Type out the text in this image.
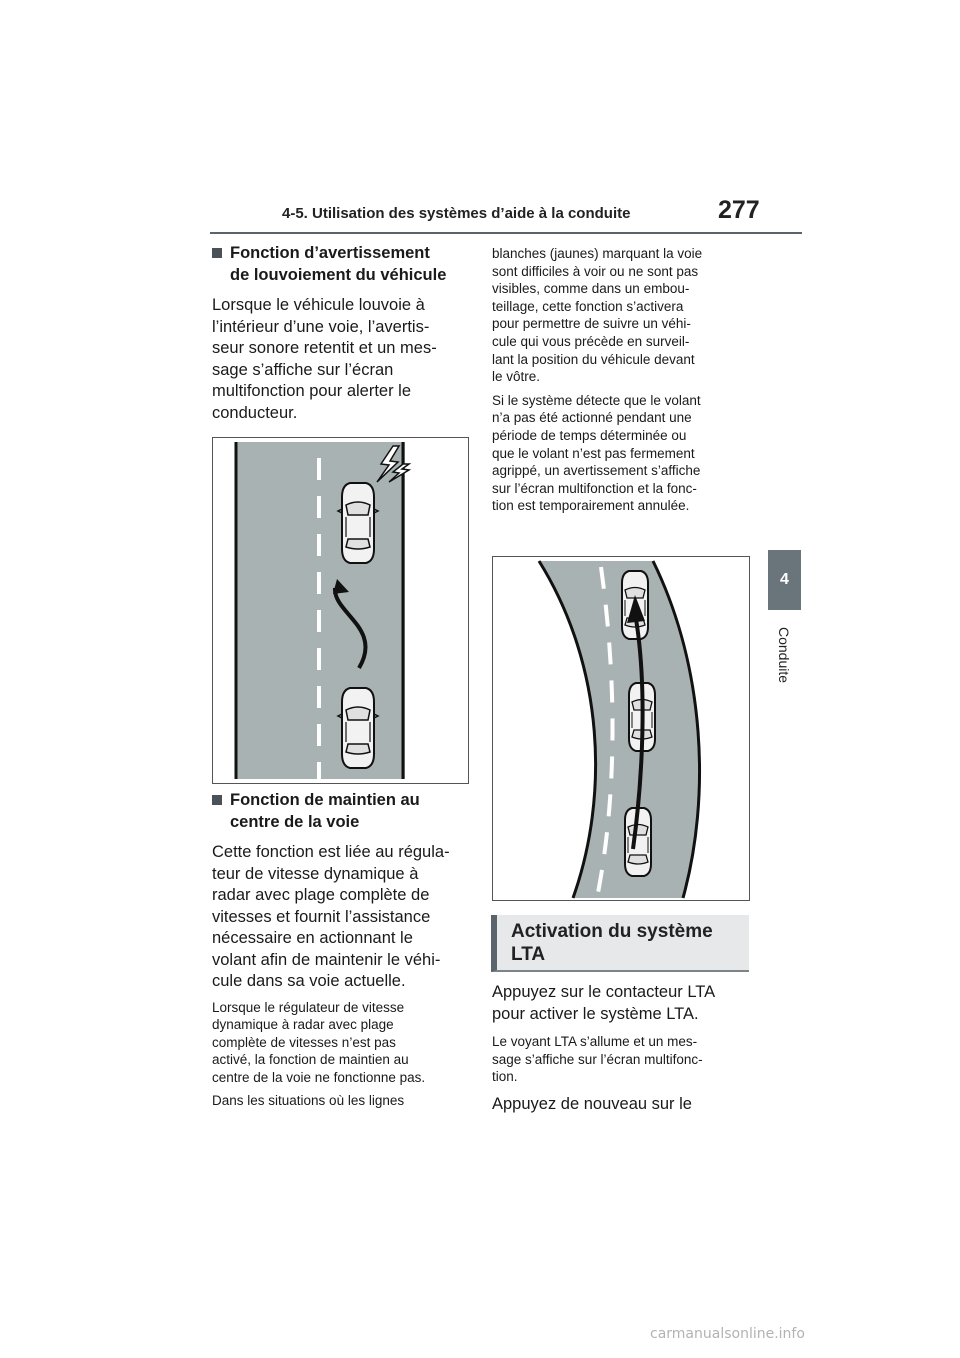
4-5. Utilisation des systèmes d’aide à la conduite	277
4
Conduite
Fonction d’avertissement
de louvoiement du véhicule
Lorsque le véhicule louvoie à
l’intérieur d’une voie, l’avertis-
seur sonore retentit et un mes-
sage s’affiche sur l’écran
multifonction pour alerter le
conducteur.
Fonction de maintien au
centre de la voie
Cette fonction est liée au régula-
teur de vitesse dynamique à
radar avec plage complète de
vitesses et fournit l’assistance
nécessaire en actionnant le
volant afin de maintenir le véhi-
cule dans sa voie actuelle.
Lorsque le régulateur de vitesse
dynamique à radar avec plage
complète de vitesses n’est pas
activé, la fonction de maintien au
centre de la voie ne fonctionne pas.
Dans les situations où les lignes
blanches (jaunes) marquant la voie
sont difficiles à voir ou ne sont pas
visibles, comme dans un embou-
teillage, cette fonction s’activera
pour permettre de suivre un véhi-
cule qui vous précède en surveil-
lant la position du véhicule devant
le vôtre.
Si le système détecte que le volant
n’a pas été actionné pendant une
période de temps déterminée ou
que le volant n’est pas fermement
agrippé, un avertissement s’affiche
sur l’écran multifonction et la fonc-
tion est temporairement annulée.
Activation du système
LTA
Appuyez sur le contacteur LTA
pour activer le système LTA.
Le voyant LTA s’allume et un mes-
sage s’affiche sur l’écran multifonc-
tion.
Appuyez de nouveau sur le
carmanualsonline.info
